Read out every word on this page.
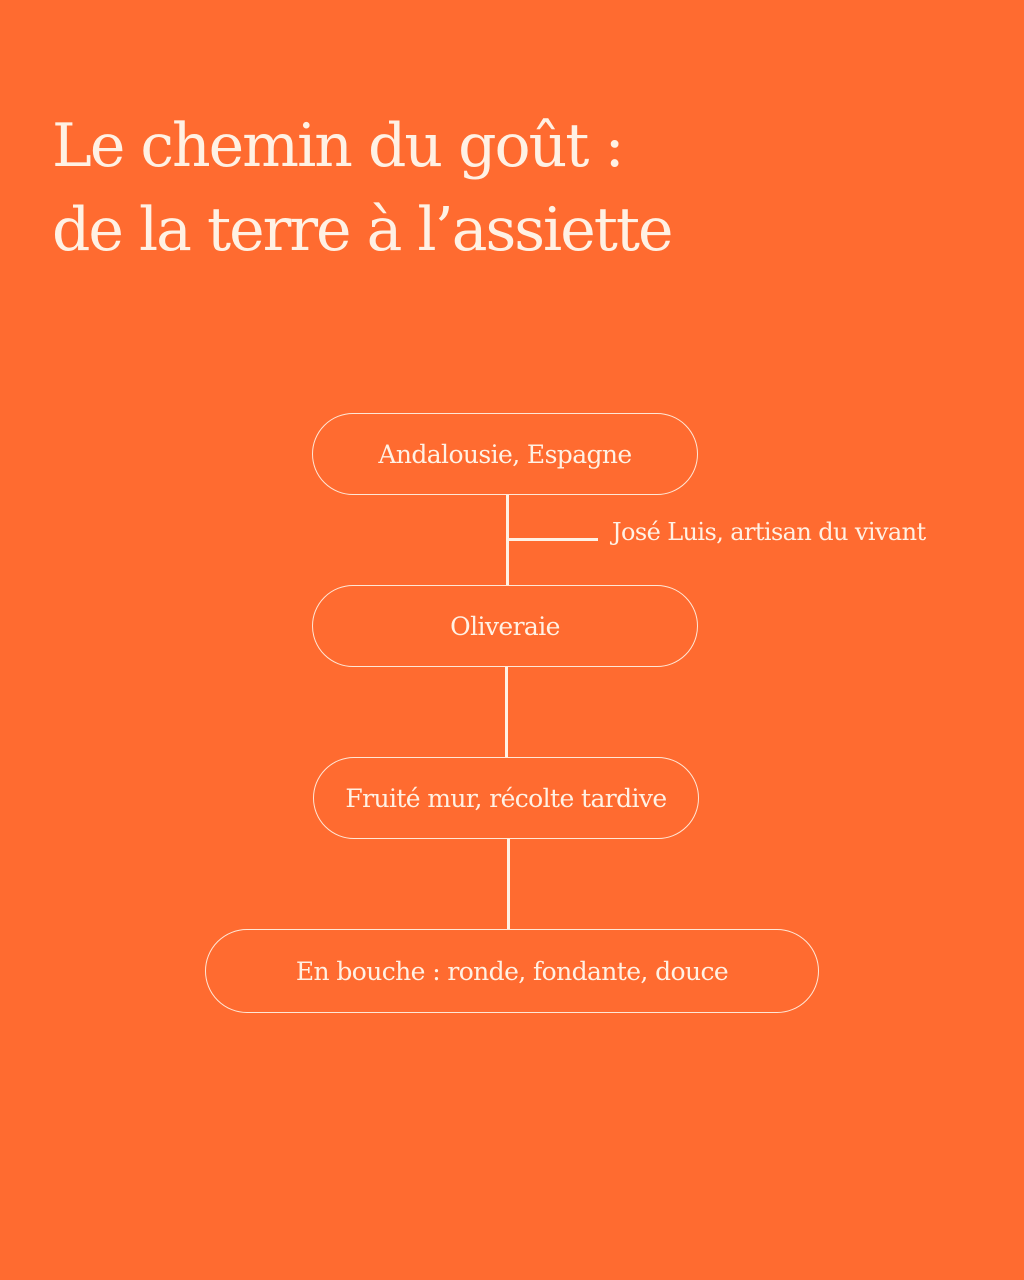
Le chemin du goût :
de la terre à l’assiette
Andalousie, Espagne
José Luis, artisan du vivant
Oliveraie
Fruité mur, récolte tardive
En bouche : ronde, fondante, douce
